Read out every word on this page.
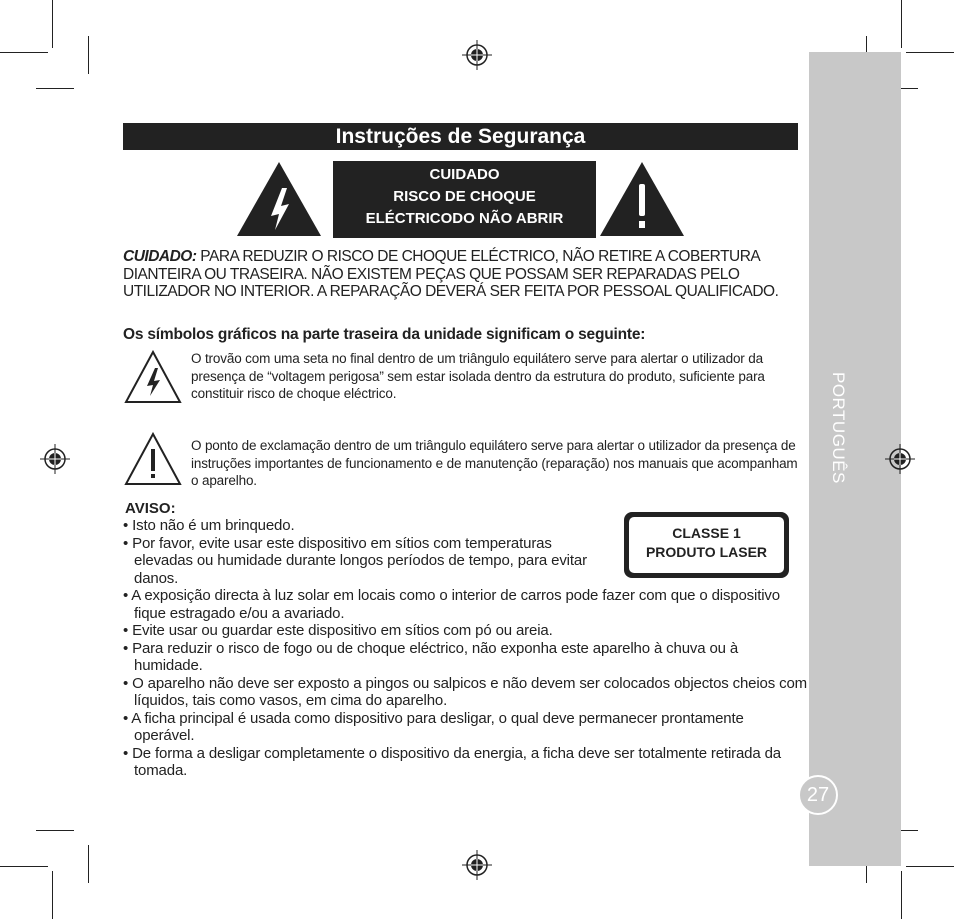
PORTUGUÊS
27
Instruções de Segurança
CUIDADO
RISCO DE CHOQUE
ELÉCTRICODO NÃO ABRIR
CUIDADO: PARA REDUZIR O RISCO DE CHOQUE ELÉCTRICO, NÃO RETIRE A COBERTURA DIANTEIRA OU TRASEIRA. NÃO EXISTEM PEÇAS QUE POSSAM SER REPARADAS PELO UTILIZADOR NO INTERIOR. A REPARAÇÃO DEVERÁ SER FEITA POR PESSOAL QUALIFICADO.
Os símbolos gráficos na parte traseira da unidade significam o seguinte:
O trovão com uma seta no final dentro de um triângulo equilátero serve para alertar o utilizador da presença de “voltagem perigosa” sem estar isolada dentro da estrutura do produto, suficiente para constituir risco de choque eléctrico.
O ponto de exclamação dentro de um triângulo equilátero serve para alertar o utilizador da presença de instruções importantes de funcionamento e de manutenção (reparação) nos manuais que acompanham o aparelho.
AVISO:
CLASSE 1
PRODUTO LASER
• Isto não é um brinquedo.
• Por favor, evite usar este dispositivo em sítios com temperaturas elevadas ou humidade durante longos períodos de tempo, para evitar danos.
• A exposição directa à luz solar em locais como o interior de carros pode fazer com que o dispositivo fique estragado e/ou a avariado.
• Evite usar ou guardar este dispositivo em sítios com pó ou areia.
• Para reduzir o risco de fogo ou de choque eléctrico, não exponha este aparelho à chuva ou à humidade.
• O aparelho não deve ser exposto a pingos ou salpicos e não devem ser colocados objectos cheios com líquidos, tais como vasos, em cima do aparelho.
• A ficha principal é usada como dispositivo para desligar, o qual deve permanecer prontamente operável.
• De forma a desligar completamente o dispositivo da energia, a ficha deve ser totalmente retirada da tomada.
